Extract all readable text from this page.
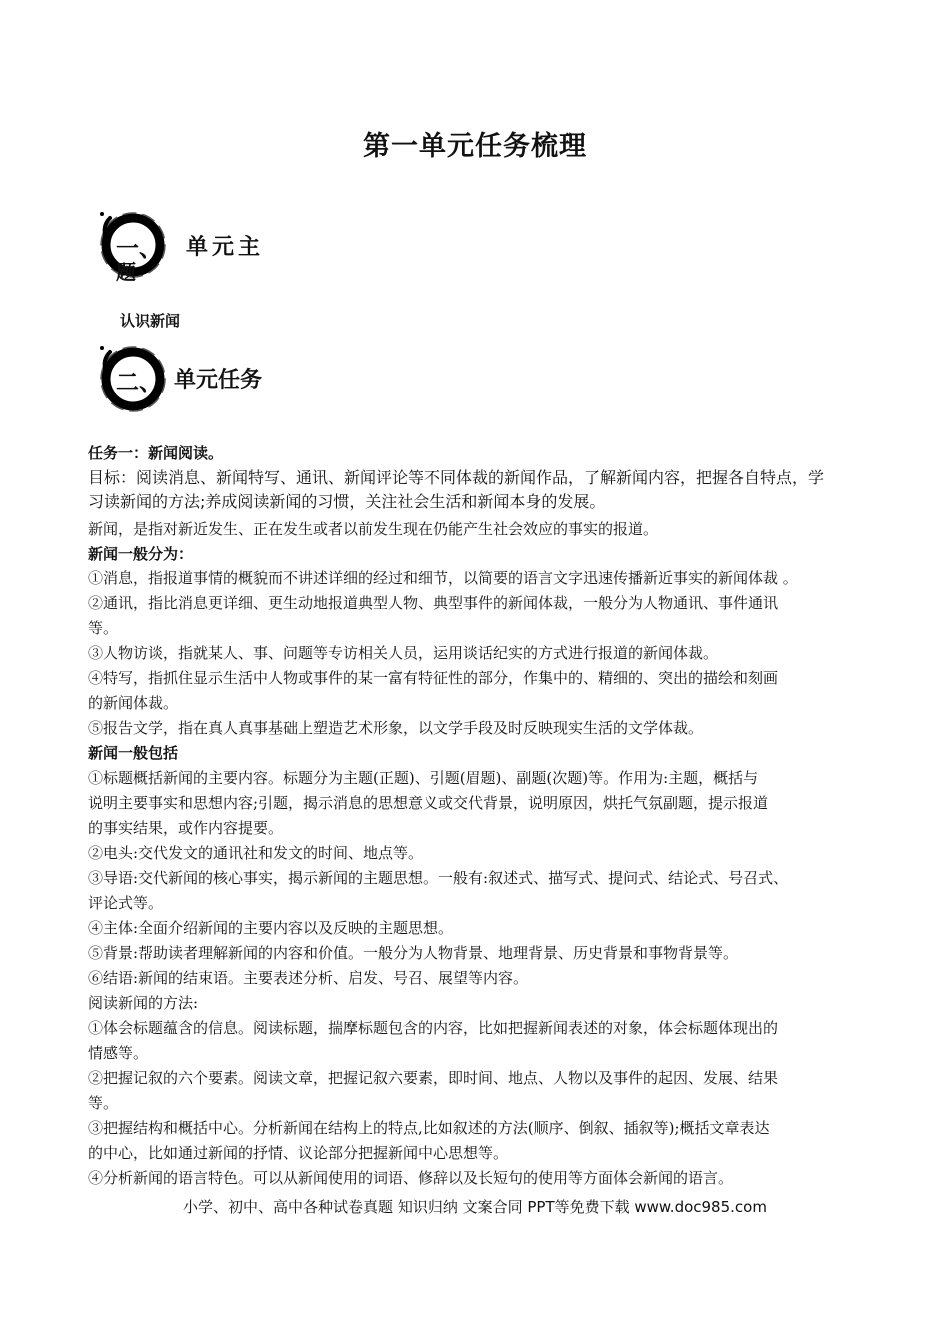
第一单元任务梳理
一、 单元主
题
认识新闻
二、 单元任务
任务一：新闻阅读。
目标：阅读消息、新闻特写、通讯、新闻评论等不同体裁的新闻作品，了解新闻内容，把握各自特点，学
习读新闻的方法;养成阅读新闻的习惯，关注社会生活和新闻本身的发展。
新闻，是指对新近发生、正在发生或者以前发生现在仍能产生社会效应的事实的报道。
新闻一般分为：
①消息，指报道事情的概貌而不讲述详细的经过和细节，以简要的语言文字迅速传播新近事实的新闻体裁 。
②通讯，指比消息更详细、更生动地报道典型人物、典型事件的新闻体裁，一般分为人物通讯、事件通讯
等。
③人物访谈，指就某人、事、问题等专访相关人员，运用谈话纪实的方式进行报道的新闻体裁。
④特写，指抓住显示生活中人物或事件的某一富有特征性的部分，作集中的、精细的、突出的描绘和刻画
的新闻体裁。
⑤报告文学，指在真人真事基础上塑造艺术形象，以文学手段及时反映现实生活的文学体裁。
新闻一般包括
①标题概括新闻的主要内容。标题分为主题(正题)、引题(眉题)、副题(次题)等。作用为:主题，概括与
说明主要事实和思想内容;引题，揭示消息的思想意义或交代背景，说明原因，烘托气氛副题，提示报道
的事实结果，或作内容提要。
②电头:交代发文的通讯社和发文的时间、地点等。
③导语:交代新闻的核心事实，揭示新闻的主题思想。一般有:叙述式、描写式、提问式、结论式、号召式、
评论式等。
④主体:全面介绍新闻的主要内容以及反映的主题思想。
⑤背景:帮助读者理解新闻的内容和价值。一般分为人物背景、地理背景、历史背景和事物背景等。
⑥结语:新闻的结束语。主要表述分析、启发、号召、展望等内容。
阅读新闻的方法:
①体会标题蕴含的信息。阅读标题，揣摩标题包含的内容，比如把握新闻表述的对象，体会标题体现出的
情感等。
②把握记叙的六个要素。阅读文章，把握记叙六要素，即时间、地点、人物以及事件的起因、发展、结果
等。
③把握结构和概括中心。分析新闻在结构上的特点,比如叙述的方法(顺序、倒叙、插叙等);概括文章表达
的中心，比如通过新闻的抒情、议论部分把握新闻中心思想等。
④分析新闻的语言特色。可以从新闻使用的词语、修辞以及长短句的使用等方面体会新闻的语言。
小学、初中、高中各种试卷真题 知识归纳 文案合同 PPT等免费下载 www.doc985.com
